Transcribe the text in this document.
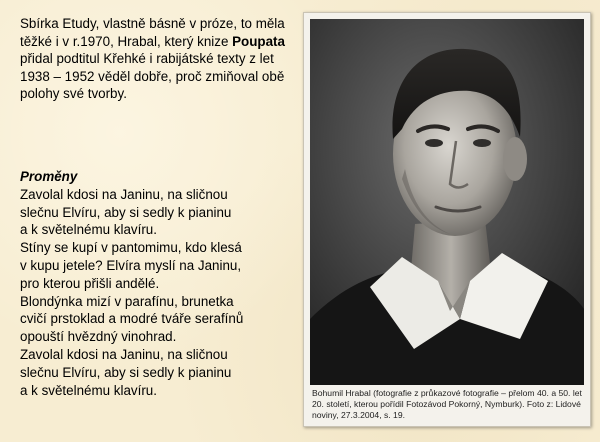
Sbírka Etudy, vlastně básně v próze, to měla těžké i v r.1970, Hrabal, který knize Poupata přidal podtitul Křehké i rabijátské texty z let 1938 – 1952 věděl dobře, proč zmiňoval obě polohy své tvorby.
Proměny
Zavolal kdosi na Janinu, na sličnou
slečnu Elvíru, aby si sedly k pianinu
a k světelnému klavíru.
Stíny se kupí v pantomimu, kdo klesá
v kupu jetele? Elvíra myslí na Janinu,
pro kterou přišli andělé.
Blondýnka mizí v parafínu, brunetka
cvičí prstoklad a modré tváře serafínů
opouští hvězdný vinohrad.
Zavolal kdosi na Janinu, na sličnou
slečnu Elvíru, aby si sedly k pianinu
a k světelnému klavíru.	Bohumil Hrabal (fotografie z průkazové fotografie – přelom 40. a 50. let 20. století, kterou pořídil Fotozávod Pokorný, Nymburk). Foto z: Lidové noviny, 27.3.2004, s. 19.
